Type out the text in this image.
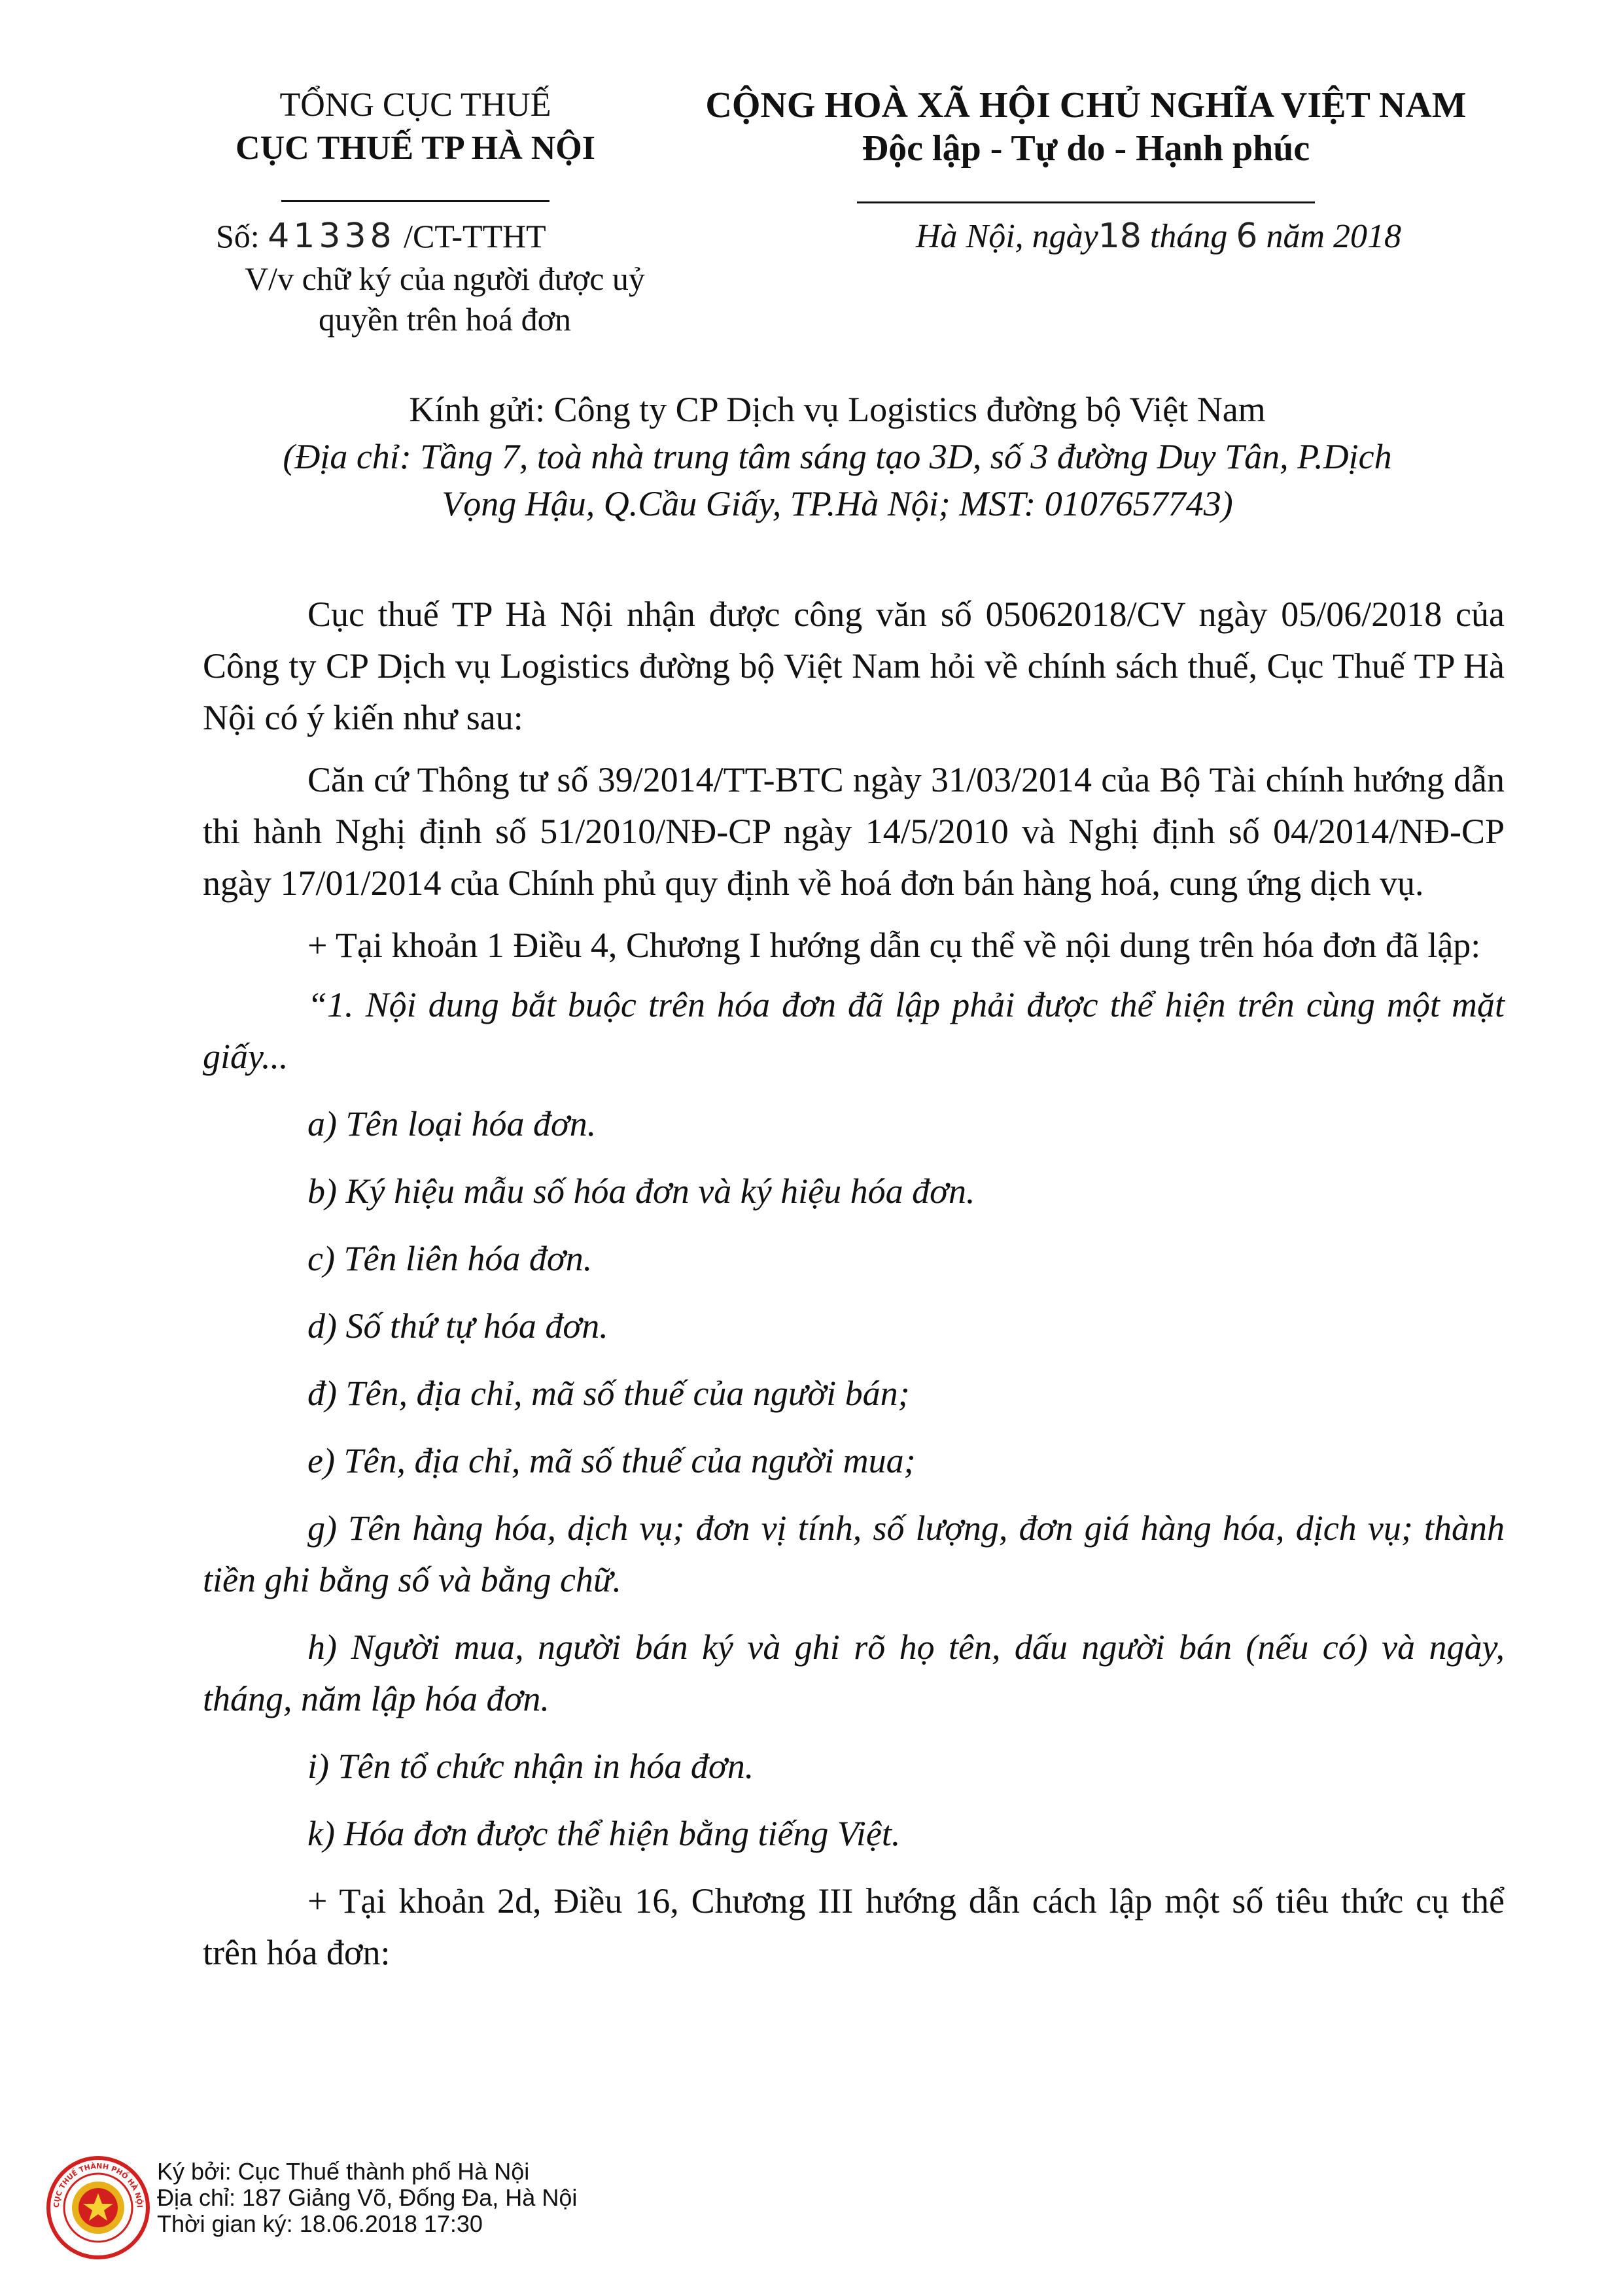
TỔNG CỤC THUẾ
CỤC THUẾ TP HÀ NỘI
CỘNG HOÀ XÃ HỘI CHỦ NGHĨA VIỆT NAM
Độc lập - Tự do - Hạnh phúc
Số: 41338 /CT-TTHT
V/v chữ ký của người được uỷ
quyền trên hoá đơn
Hà Nội, ngày18 tháng 6 năm 2018
Kính gửi: Công ty CP Dịch vụ Logistics đường bộ Việt Nam
(Địa chỉ: Tầng 7, toà nhà trung tâm sáng tạo 3D, số 3 đường Duy Tân, P.Dịch
Vọng Hậu, Q.Cầu Giấy, TP.Hà Nội; MST: 0107657743)

Cục thuế TP Hà Nội nhận được công văn số 05062018/CV ngày 05/06/2018 của Công ty CP Dịch vụ Logistics đường bộ Việt Nam hỏi về chính sách thuế, Cục Thuế TP Hà Nội có ý kiến như sau:

Căn cứ Thông tư số 39/2014/TT-BTC ngày 31/03/2014 của Bộ Tài chính hướng dẫn thi hành Nghị định số 51/2010/NĐ-CP ngày 14/5/2010 và Nghị định số 04/2014/NĐ-CP ngày 17/01/2014 của Chính phủ quy định về hoá đơn bán hàng hoá, cung ứng dịch vụ.

+ Tại khoản 1 Điều 4, Chương I hướng dẫn cụ thể về nội dung trên hóa đơn đã lập:

“1. Nội dung bắt buộc trên hóa đơn đã lập phải được thể hiện trên cùng một mặt giấy...

a) Tên loại hóa đơn.

b) Ký hiệu mẫu số hóa đơn và ký hiệu hóa đơn.

c) Tên liên hóa đơn.

d) Số thứ tự hóa đơn.

đ) Tên, địa chỉ, mã số thuế của người bán;

e) Tên, địa chỉ, mã số thuế của người mua;

g) Tên hàng hóa, dịch vụ; đơn vị tính, số lượng, đơn giá hàng hóa, dịch vụ; thành tiền ghi bằng số và bằng chữ.

h) Người mua, người bán ký và ghi rõ họ tên, dấu người bán (nếu có) và ngày, tháng, năm lập hóa đơn.

i) Tên tổ chức nhận in hóa đơn.

k) Hóa đơn được thể hiện bằng tiếng Việt.

+ Tại khoản 2d, Điều 16, Chương III hướng dẫn cách lập một số tiêu thức cụ thể trên hóa đơn:

CỤC THUẾ THÀNH PHỐ HÀ NỘI
Ký bởi: Cục Thuế thành phố Hà Nội
Địa chỉ: 187 Giảng Võ, Đống Đa, Hà Nội
Thời gian ký: 18.06.2018 17:30
